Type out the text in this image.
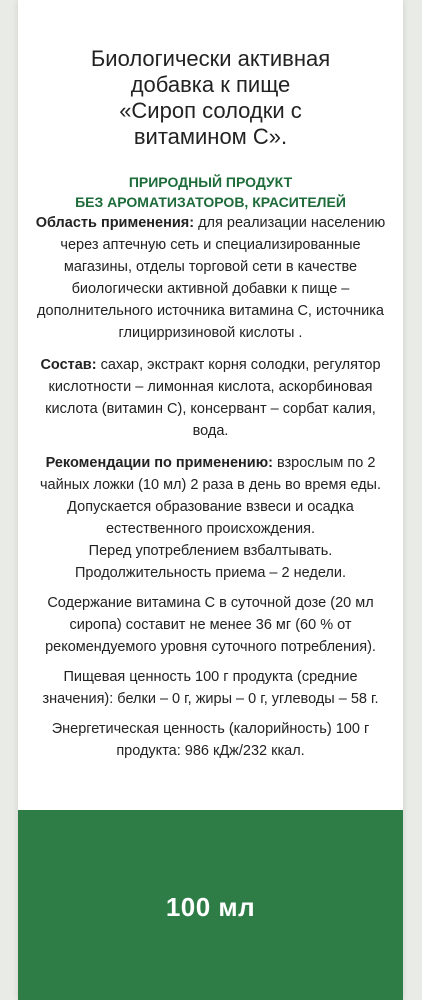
Биологически активная
добавка к пище
«Сироп солодки с
витамином С».

ПРИРОДНЫЙ ПРОДУКТ

БЕЗ АРОМАТИЗАТОРОВ, КРАСИТЕЛЕЙ

Область применения: для реализации населению через аптечную сеть и специализированные магазины, отделы торговой сети в качестве биологически активной добавки к пище – дополнительного источника витамина С, источника глицирризиновой кислоты .

Состав: сахар, экстракт корня солодки, регулятор кислотности – лимонная кислота, аскорбиновая кислота (витамин С), консервант – сорбат калия, вода.

Рекомендации по применению: взрослым по 2 чайных ложки (10 мл) 2 раза в день во время еды. Допускается образование взвеси и осадка естественного происхождения.

Перед употреблением взбалтывать.

Продолжительность приема – 2 недели.

Содержание витамина С в суточной дозе (20 мл сиропа) составит не менее 36 мг (60 % от рекомендуемого уровня суточного потребления).

Пищевая ценность 100 г продукта (средние значения): белки – 0 г, жиры – 0 г, углеводы – 58 г.

Энергетическая ценность (калорийность) 100 г продукта: 986 кДж/232 ккал.

100 мл
